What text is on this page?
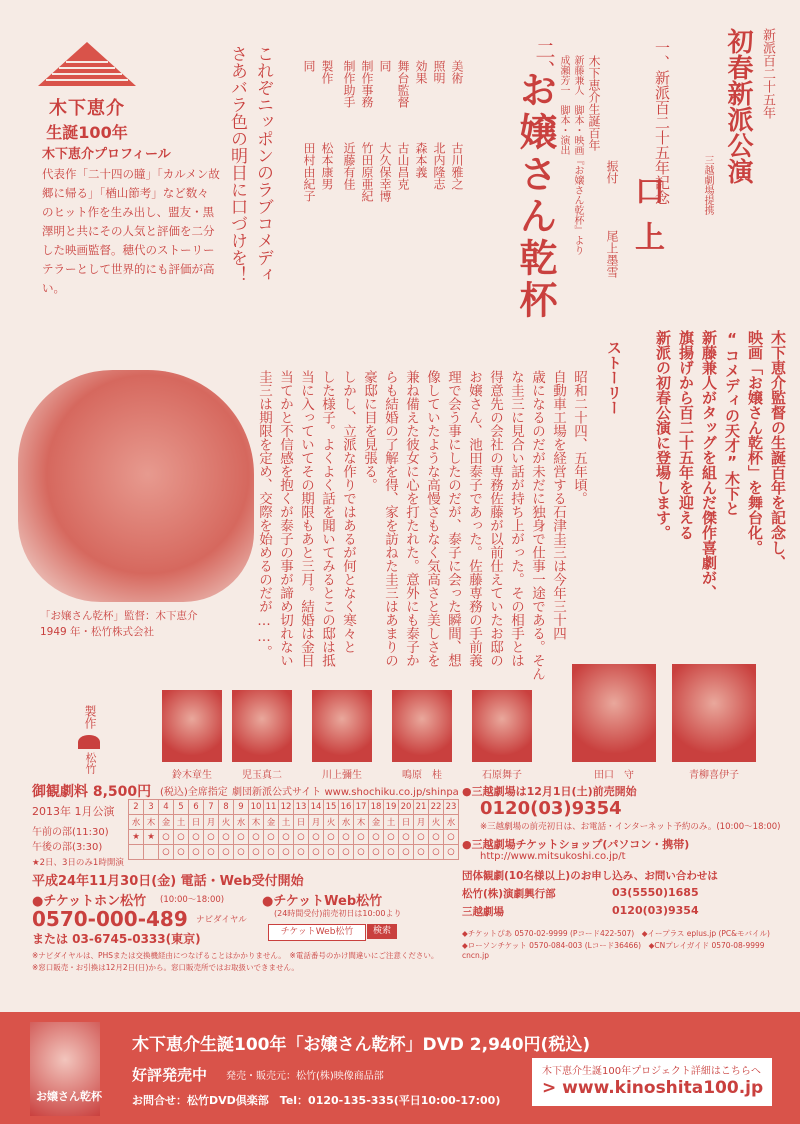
木下恵介
生誕100年
木下恵介プロフィール
代表作「二十四の瞳」「カルメン故郷に帰る」「楢山節考」など数々のヒット作を生み出し、盟友・黒澤明と共にその人気と評価を二分した映画監督。穂代のストーリーテラーとして世界的にも評価が高い。
これぞニッポンのラブコメディ
さあバラ色の明日に口づけを！	美術
古川雅之
照明
北内隆志
効果
森本義
舞台監督
古山昌克
同
大久保幸博
制作事務
竹田原亜紀
制作助手
近藤有佳
製作
松本康男
同
田村由紀子
二、
お嬢さん乾杯	木下恵介生誕百年
新藤兼人　脚本・映画『お嬢さん乾杯』より
成瀬芳一　脚本・演出	一、新派百二十五年記念
口上
振付
尾上墨雪
新派百二十五年
初春新派公演
三越劇場提携
木下恵介監督の生誕百年を記念し、
映画「お嬢さん乾杯」を舞台化。
“コメディの天才”木下と
新藤兼人がタッグを組んだ傑作喜劇が、
旗揚げから百二十五年を迎える
新派の初春公演に登場します。
ストーリー
昭和二十四、五年頃。
自動車工場を経営する石津圭三は今年三十四
歳になるのだが未だに独身で仕事一途である。そん
な圭三に見合い話が持ち上がった。その相手とは
得意先の会社の専務佐藤が以前仕えていたお邸の
お嬢さん、池田泰子であった。佐藤専務の手前義
理で会う事にしたのだが、泰子に会った瞬間、想
像していたような高慢さもなく気高さと美しさを
兼ね備えた彼女に心を打たれた。意外にも泰子か
らも結婚の了解を得、家を訪ねた圭三はあまりの
豪邸に目を見張る。
しかし、立派な作りではあるが何となく寒々と
した様子。よくよく話を聞いてみるとこの邸は抵
当に入っていてその期限もあと三月。結婚は金目
当てかと不信感を抱くが泰子の事が諦め切れない
圭三は期限を定め、交際を始めるのだが……。
「お嬢さん乾杯」監督：木下恵介
1949 年・松竹株式会社
製作
松竹
鈴木章生	児玉真二	川上彌生	鳴原　桂	石原舞子	田口　守	青柳喜伊子
御観劇料 8,500円 (税込)全席指定 劇団新派公式サイト www.shochiku.co.jp/shinpa
2013年 1月公演
午前の部(11:30)
午後の部(3:30)
2	3	4	5	6	7	8	9	10	11	12	13	14	15	16	17	18	19	20	21	22	23
水	木	金	土	日	月	火	水	木	金	土	日	月	火	水	木	金	土	日	月	火	水
★	★	○	○	○	○	○	○	○	○	○	○	○	○	○	○	○	○	○	○	○	○
		○	○	○	○	○	○	○	○	○	○	○	○	○	○	○	○	○	○	○	○
★2日、3日のみ1時開演
平成24年11月30日(金) 電話・Web受付開始
●チケットホン松竹 (10:00〜18:00)
0570-000-489 ナビダイヤル
または 03-6745-0333(東京)
●チケットWeb松竹
(24時間受付)前売初日は10:00より
チケットWeb松竹	検索
※ナビダイヤルは、PHSまたは交換機経由につなげることはかかりません。　※電話番号のかけ間違いにご注意ください。
※窓口販売・お引換は12月2日(日)から。窓口販売所ではお取扱いできません。
●三越劇場は12月1日(土)前売開始
0120(03)9354
※三越劇場の前売初日は、お電話・インターネット予約のみ。(10:00〜18:00)
●三越劇場チケットショップ(パソコン・携帯)
http://www.mitsukoshi.co.jp/t
団体観劇(10名様以上)のお申し込み、お問い合わせは
松竹(株)演劇興行部	03(5550)1685
三越劇場	0120(03)9354
◆チケットぴあ 0570-02-9999 (Pコード422-507)　◆イープラス eplus.jp (PC&モバイル)
◆ローソンチケット 0570-084-003 (Lコード36466)　◆CNプレイガイド 0570-08-9999 cncn.jp
お嬢さん乾杯
木下恵介生誕100年「お嬢さん乾杯」DVD 2,940円(税込)
好評発売中 発売・販売元：松竹(株)映像商品部
お問合せ：松竹DVD倶楽部　Tel：0120-135-335(平日10:00-17:00)
木下恵介生誕100年プロジェクト詳細はこちらへ
> www.kinoshita100.jp
